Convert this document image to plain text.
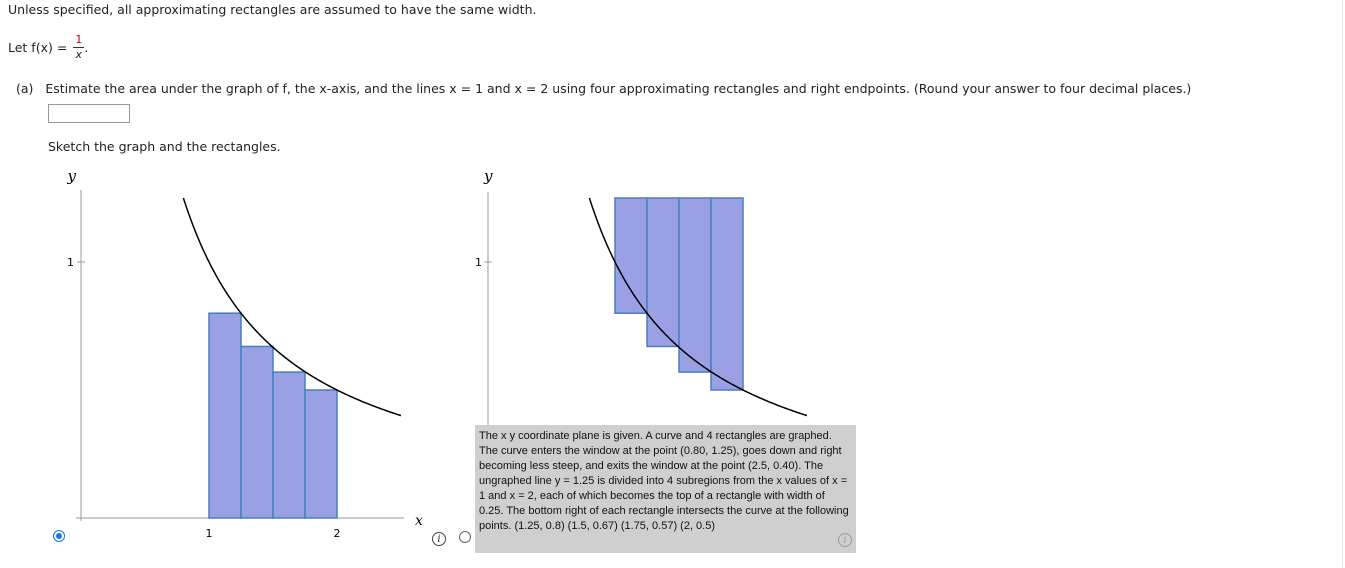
Unless specified, all approximating rectangles are assumed to have the same width.
Let $f(x) = \frac{1}{x}$ .
(a) Estimate the area under the graph of f, the x-axis, and the lines x = 1 and x = 2 using four approximating rectangles and right endpoints. (Round your answer to four decimal places.)
Sketch the graph and the rectangles.
y
x
1
1	2
y
1
i
The x y coordinate plane is given. A curve and 4 rectangles are graphed. The curve enters the window at the point (0.80, 1.25), goes down and right becoming less steep, and exits the window at the point (2.5, 0.40). The ungraphed line y = 1.25 is divided into 4 subregions from the x values of x = 1 and x = 2, each of which becomes the top of a rectangle with width of 0.25. The bottom right of each rectangle intersects the curve at the following points. (1.25, 0.8) (1.5, 0.67) (1.75, 0.57) (2, 0.5)
i
